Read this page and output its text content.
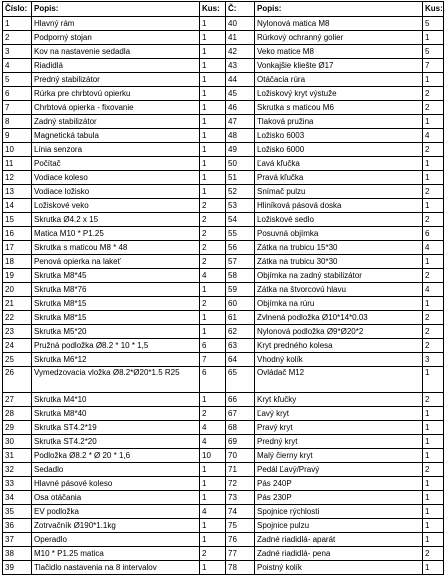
Číslo:	Popis:	Kus:	Č:	Popis:	Kus:
1	Hlavný rám	1	40	Nylonová matica M8	5
2	Podporný stojan	1	41	Rúrkový ochranný golier	1
3	Kov na nastavenie sedadla	1	42	Veko matice M8	5
4	Riadidlá	1	43	Vonkajšie kliešte Ø17	7
5	Predný stabilizátor	1	44	Otáčacia rúra	1
6	Rúrka pre chrbtovú opierku	1	45	Ložiskový kryt výstuže	2
7	Chrbtová opierka - fixovanie	1	46	Skrutka s maticou M6	2
8	Zadný stabilizátor	1	47	Tlaková pružina	1
9	Magnetická tabula	1	48	Ložisko 6003	4
10	Línia senzora	1	49	Ložisko 6000	2
11	Počítač	1	50	Ľavá kľučka	1
12	Vodiace koleso	1	51	Pravá kľučka	1
13	Vodiace ložisko	1	52	Snímač pulzu	2
14	Ložiskové veko	2	53	Hliníková pásová doska	1
15	Skrutka Ø4.2 x 15	2	54	Ložiskové sedlo	2
16	Matica M10 * P1.25	2	55	Posuvná objímka	6
17	Skrutka s maticou M8 * 48	2	56	Zátka na trubicu 15*30	4
18	Penová opierka na lakeť	2	57	Zátka na trubicu 30*30	1
19	Skrutka M8*45	4	58	Objímka na zadný stabilizátor	2
20	Skrutka M8*76	1	59	Zátka na štvorcovú hlavu	4
21	Skrutka M8*15	2	60	Objímka na rúru	1
22	Skrutka M8*15	1	61	Zvlnená podložka Ø10*14*0.03	2
23	Skrutka M5*20	1	62	Nylonová podložka Ø9*Ø20*2	2
24	Pružná podložka Ø8.2 * 10 * 1,5	6	63	Kryt predného kolesa	2
25	Skrutka M6*12	7	64	Vhodný kolík	3
26	Vymedzovacia vložka Ø8.2*Ø20*1.5 R25	6	65	Ovládač M12	1
27	Skrutka M4*10	1	66	Kryt kľučky	2
28	Skrutka M8*40	2	67	Ľavý kryt	1
29	Skrutka ST4.2*19	4	68	Pravý kryt	1
30	Skrutka ST4.2*20	4	69	Predný kryt	1
31	Podložka Ø8.2 * Ø 20 * 1,6	10	70	Malý čierny kryt	1
32	Sedadlo	1	71	Pedál Ľavý/Pravý	2
33	Hlavné pásové koleso	1	72	Pás 240P	1
34	Osa otáčania	1	73	Pás 230P	1
35	EV podložka	4	74	Spojnice rýchlosti	1
36	Zotrvačník Ø190*1.1kg	1	75	Spojnice pulzu	1
37	Operadlo	1	76	Zadné riadidlá- aparát	1
38	M10 * P1.25 matica	2	77	Zadné riadidlá- pena	2
39	Tlačidlo nastavenia na 8 intervalov	1	78	Poistný kolík	1
